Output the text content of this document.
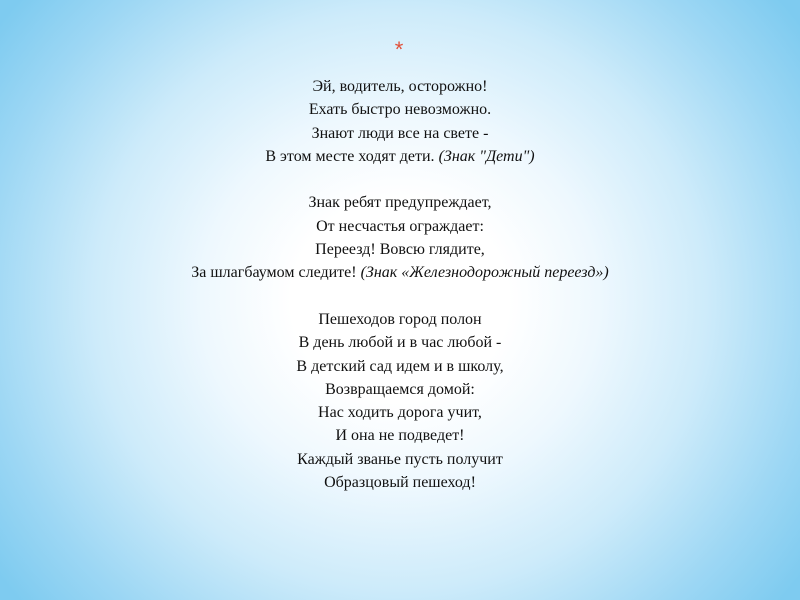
*
Эй, водитель, осторожно!
Ехать быстро невозможно.
Знают люди все на свете -
В этом месте ходят дети. (Знак "Дети")
Знак ребят предупреждает,
От несчастья ограждает:
Переезд! Вовсю глядите,
За шлагбаумом следите! (Знак «Железнодорожный переезд»)
Пешеходов город полон
В день любой и в час любой -
В детский сад идем и в школу,
Возвращаемся домой:
Нас ходить дорога учит,
И она не подведет!
Каждый званье пусть получит
Образцовый пешеход!
